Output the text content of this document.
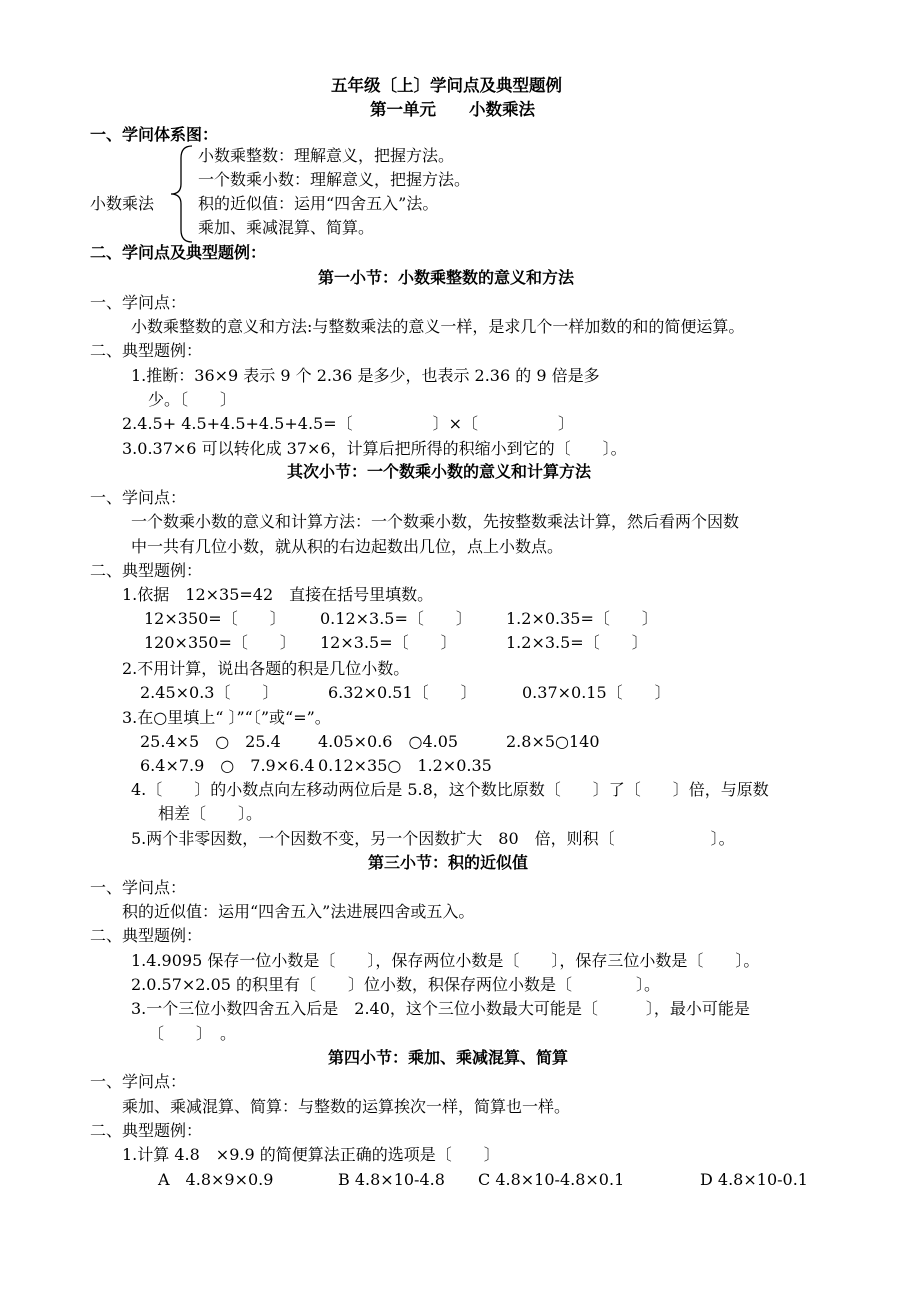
五年级〔上〕学问点及典型题例
第一单元　　小数乘法
一、学问体系图：
小数乘法
小数乘整数：理解意义，把握方法。
一个数乘小数：理解意义，把握方法。
积的近似值：运用“四舍五入”法。
乘加、乘减混算、简算。
二、学问点及典型题例：
第一小节：小数乘整数的意义和方法
一、学问点：
小数乘整数的意义和方法:与整数乘法的意义一样，是求几个一样加数的和的简便运算。
二、典型题例：
1.推断：36×9 表示 9 个 2.36 是多少，也表示 2.36 的 9 倍是多
少。〔　　〕
2.4.5+ 4.5+4.5+4.5+4.5=〔　　　　　〕×〔　　　　　〕
3.0.37×6 可以转化成 37×6，计算后把所得的积缩小到它的〔　　〕。
其次小节：一个数乘小数的意义和计算方法
一、学问点：
一个数乘小数的意义和计算方法：一个数乘小数，先按整数乘法计算，然后看两个因数
中一共有几位小数，就从积的右边起数出几位，点上小数点。
二、典型题例：
1.依据　12×35=42　直接在括号里填数。
12×350=〔　　〕 0.12×3.5=〔　　〕 1.2×0.35=〔　　〕
120×350=〔　　〕 12×3.5=〔　　〕	1.2×3.5=〔　　〕
2.不用计算，说出各题的积是几位小数。
2.45×0.3〔　　〕	6.32×0.51〔　　〕	0.37×0.15〔　　〕
3.在○里填上“ 〕”“〔”或“=”。
25.4×5　○　25.4 4.05×0.6　○4.05	2.8×5○140
6.4×7.9　○　7.9×6.4 0.12×35○　1.2×0.35
4.〔　　〕的小数点向左移动两位后是 5.8，这个数比原数〔　　〕了〔　　〕倍，与原数
相差〔　　〕。
5.两个非零因数，一个因数不变，另一个因数扩大　80　倍，则积〔　　　　　　〕。
第三小节：积的近似值
一、学问点：
积的近似值：运用“四舍五入”法进展四舍或五入。
二、典型题例：
1.4.9095 保存一位小数是〔　　〕，保存两位小数是〔　　〕，保存三位小数是〔　　〕。
2.0.57×2.05 的积里有〔　　〕位小数，积保存两位小数是〔　　　　〕。
3.一个三位小数四舍五入后是　2.40，这个三位小数最大可能是〔　　　〕，最小可能是
〔　　〕　。
第四小节：乘加、乘减混算、简算
一、学问点：
乘加、乘减混算、简算：与整数的运算挨次一样，简算也一样。
二、典型题例：
1.计算 4.8　×9.9 的简便算法正确的选项是〔　　〕
A　4.8×9×0.9	B 4.8×10-4.8 C 4.8×10-4.8×0.1	D 4.8×10-0.1
